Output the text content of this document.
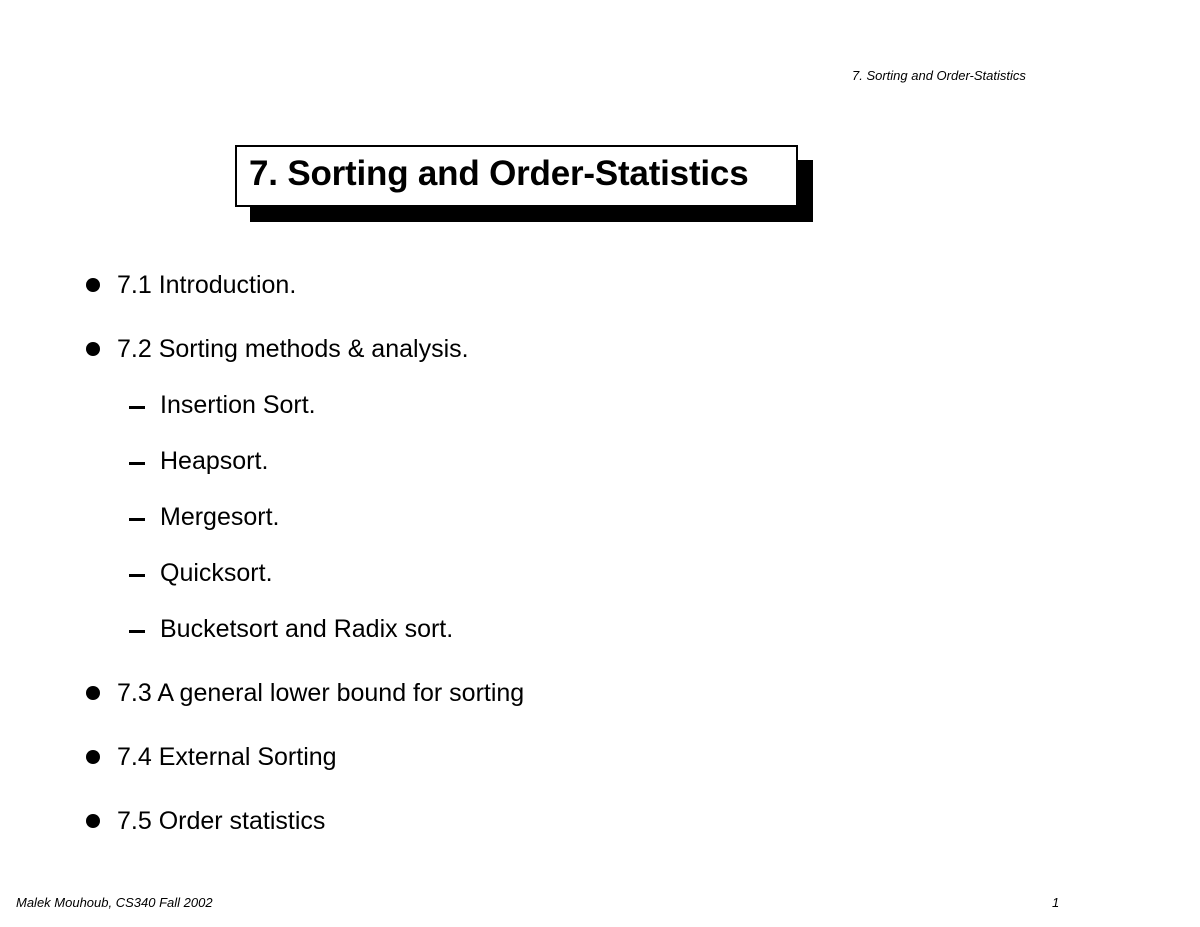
7. Sorting and Order-Statistics
7. Sorting and Order-Statistics
7.1 Introduction.
7.2 Sorting methods & analysis.
Insertion Sort.
Heapsort.
Mergesort.
Quicksort.
Bucketsort and Radix sort.
7.3 A general lower bound for sorting
7.4 External Sorting
7.5 Order statistics
Malek Mouhoub, CS340 Fall 2002	1
